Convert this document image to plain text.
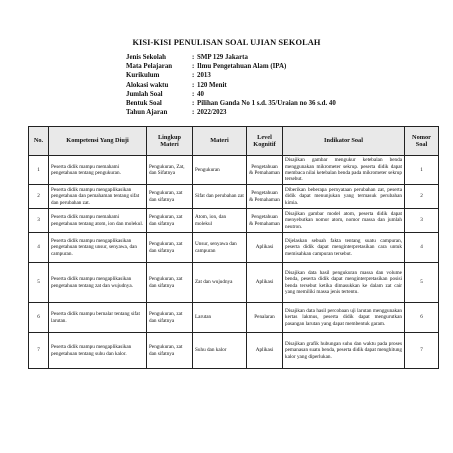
KISI-KISI PENULISAN SOAL UJIAN SEKOLAH
Jenis Sekolah	: SMP 129 Jakarta
Mata Pelajaran	: Ilmu Pengetahuan Alam (IPA)
Kurikulum	: 2013
Alokasi waktu	: 120 Menit
Jumlah Soal	: 40
Bentuk Soal	: Pilihan Ganda No 1 s.d. 35/Uraian no 36 s.d. 40
Tahun Ajaran	: 2022/2023
No.	Kompetensi Yang Diuji	Lingkup Materi	Materi	Level Kognitif	Indikator Soal	Nomor Soal
1	Peserta didik mampu memahami pengetahuan tentang pengukuran.	Pengukuran, Zat, dan Sifatnya	Pengukuran	Pengetahuan & Pemahaman	Disajikan gambar mengukur ketebalan benda menggunakan mikrometer sekrup. peserta didik dapat membaca nilai ketebalan benda pada mikrometer sekrup tersebut.	1
2	Peserta didik mampu mengaplikasikan pengetahuan dan pemahaman tentang sifat dan perubahan zat.	Pengukuran, zat dan sifatnya	Sifat dan perubahan zat	Pengetahuan & Pemahaman	Diberikan beberapa pernyataan perubahan zat, peserta didik dapat menunjukan yang termasuk perubahan kimia.	2
3	Peserta didik mampu memahami pengetahuan tentang atom, ion dan molekul.	Pengukuran, zat dan sifatnya	Atom, ion, dan molekul	Pengetahuan & Pemahaman	Disajikan gambar model atom, peserta didik dapat menyebutkan nomor atom, nomor massa dan jumlah neutron.	3
4	Peserta didik mampu mengaplikasikan pengetahuan tentang unsur, senyawa, dan campuran.	Pengukuran, zat dan sifatnya	Unsur, senyawa dan campuran	Aplikasi	Dijelaskan sebuah fakta tentang suatu campuran, peserta didik dapat menginterpretasikan cara untuk memisahkan campuran tersebut.	4
5	Peserta didik mampu mengaplikasikan pengetahuan tentang zat dan wujudnya.	Pengukuran, zat dan sifatnya	Zat dan wujudnya	Aplikasi	Disajikan data hasil pengukuran massa dan volume benda, peserta didik dapat menginterpretasikan posisi benda tersebut ketika dimasukkan ke dalam zat cair yang memiliki massa jenis tertentu.	5
6	Peserta didik mampu bernalar tentang sifat larutan.	Pengukuran, zat dan sifatnya	Larutan	Penalaran	Disajikan data hasil percobaan uji larutan menggunakan kertas lakmus, peserta didik dapat mengurutkan pasangan larutan yang dapat membentuk garam.	6
7	Peserta didik mampu mengaplikasikan pengetahuan tentang suhu dan kalor.	Pengukuran, zat dan sifatnya	Suhu dan kalor	Aplikasi	Disajikan grafik hubungan suhu dan waktu pada proses pemanasan suatu benda, peserta didik dapat menghitung kalor yang diperlukan.	7
